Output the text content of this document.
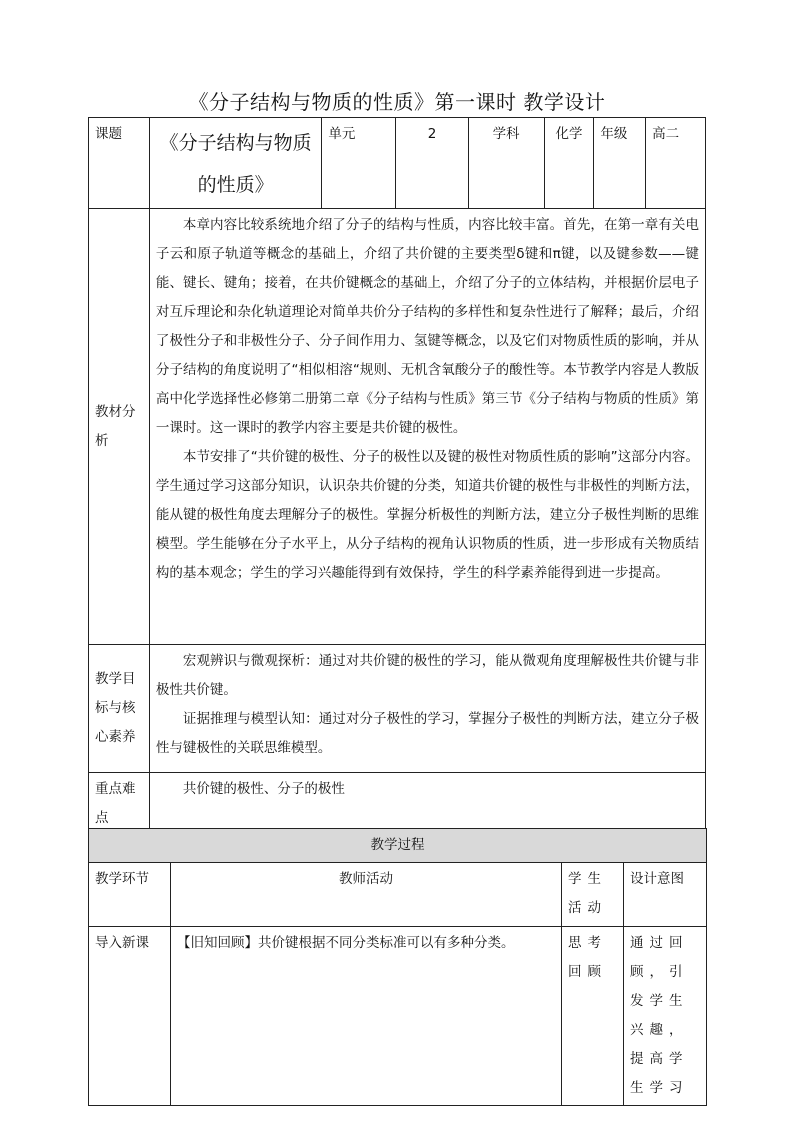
《分子结构与物质的性质》第一课时 教学设计
课题	《分子结构与物质的性质》	单元	2	学科	化学	年级	高二
教材分析	本章内容比较系统地介绍了分子的结构与性质，内容比较丰富。首先，在第一章有关电子云和原子轨道等概念的基础上，介绍了共价键的主要类型δ键和π键，以及键参数——键能、键长、键角；接着，在共价键概念的基础上，介绍了分子的立体结构，并根据价层电子对互斥理论和杂化轨道理论对简单共价分子结构的多样性和复杂性进行了解释；最后，介绍了极性分子和非极性分子、分子间作用力、氢键等概念，以及它们对物质性质的影响，并从分子结构的角度说明了“相似相溶“规则、无机含氧酸分子的酸性等。本节教学内容是人教版高中化学选择性必修第二册第二章《分子结构与性质》第三节《分子结构与物质的性质》第一课时。这一课时的教学内容主要是共价键的极性。

本节安排了“共价键的极性、分子的极性以及键的极性对物质性质的影响”这部分内容。学生通过学习这部分知识，认识杂共价键的分类，知道共价键的极性与非极性的判断方法，能从键的极性角度去理解分子的极性。掌握分析极性的判断方法，建立分子极性判断的思维模型。学生能够在分子水平上，从分子结构的视角认识物质的性质，进一步形成有关物质结构的基本观念；学生的学习兴趣能得到有效保持，学生的科学素养能得到进一步提高。						

教学目标与核心素养	宏观辨识与微观探析：通过对共价键的极性的学习，能从微观角度理解极性共价键与非极性共价键。

证据推理与模型认知：通过对分子极性的学习，掌握分子极性的判断方法，建立分子极性与键极性的关联思维模型。						

重点难点	共价键的极性、分子的极性						

教学过程			
教学环节	教师活动	学生活动	设计意图
导入新课	【旧知回顾】共价键根据不同分类标准可以有多种分类。	思考回顾	通过回顾，引发学生兴趣，提高学生学习
